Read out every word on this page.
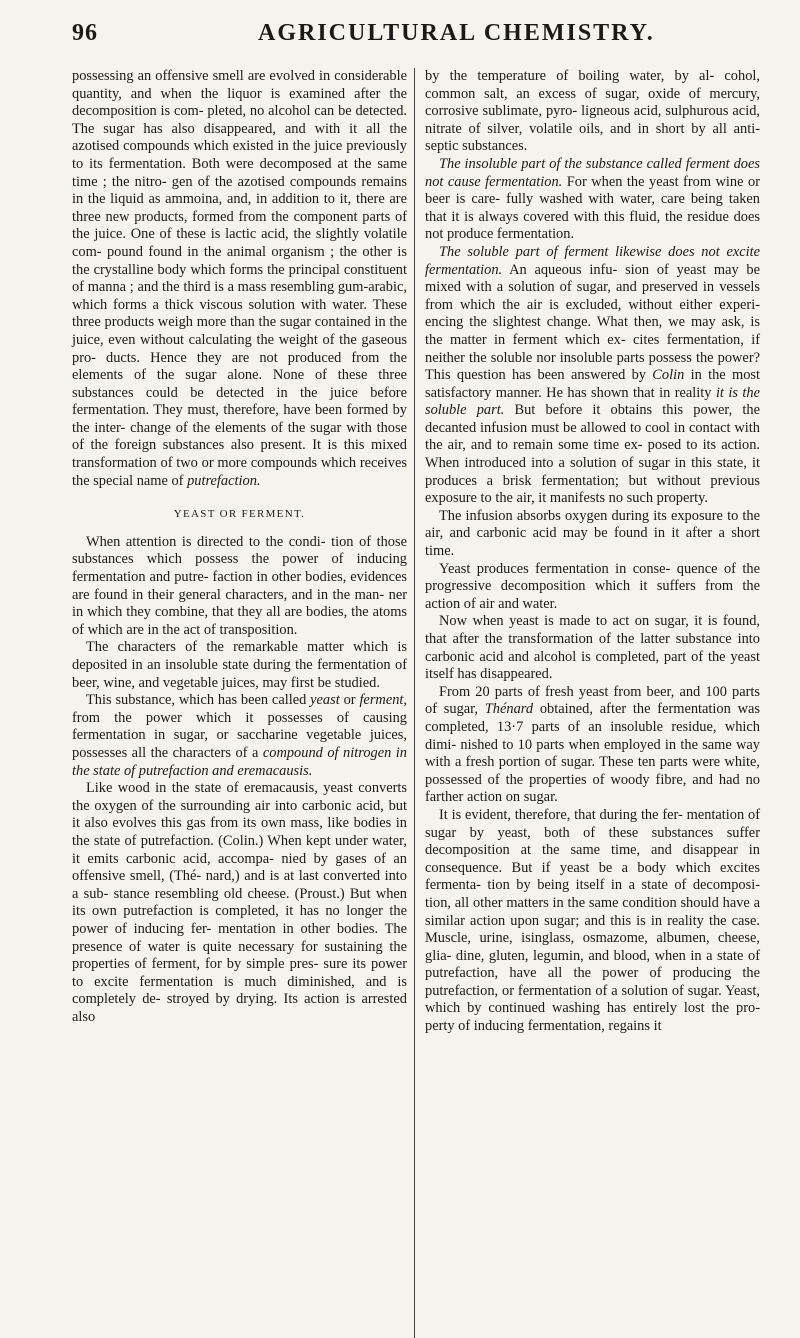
96	AGRICULTURAL CHEMISTRY.

possessing an offensive smell are evolved in considerable quantity, and when the liquor is examined after the decomposition is com- pleted, no alcohol can be detected. The sugar has also disappeared, and with it all the azotised compounds which existed in the juice previously to its fermentation. Both were decomposed at the same time ; the nitro- gen of the azotised compounds remains in the liquid as ammoina, and, in addition to it, there are three new products, formed from the component parts of the juice. One of these is lactic acid, the slightly volatile com- pound found in the animal organism ; the other is the crystalline body which forms the principal constituent of manna ; and the third is a mass resembling gum-arabic, which forms a thick viscous solution with water. These three products weigh more than the sugar contained in the juice, even without calculating the weight of the gaseous pro- ducts. Hence they are not produced from the elements of the sugar alone. None of these three substances could be detected in the juice before fermentation. They must, therefore, have been formed by the inter- change of the elements of the sugar with those of the foreign substances also present. It is this mixed transformation of two or more compounds which receives the special name of putrefaction.

YEAST OR FERMENT.

When attention is directed to the condi- tion of those substances which possess the power of inducing fermentation and putre- faction in other bodies, evidences are found in their general characters, and in the man- ner in which they combine, that they all are bodies, the atoms of which are in the act of transposition.

The characters of the remarkable matter which is deposited in an insoluble state during the fermentation of beer, wine, and vegetable juices, may first be studied.

This substance, which has been called yeast or ferment, from the power which it possesses of causing fermentation in sugar, or saccharine vegetable juices, possesses all the characters of a compound of nitrogen in the state of putrefaction and eremacausis.

Like wood in the state of eremacausis, yeast converts the oxygen of the surrounding air into carbonic acid, but it also evolves this gas from its own mass, like bodies in the state of putrefaction. (Colin.) When kept under water, it emits carbonic acid, accompa- nied by gases of an offensive smell, (Thé- nard,) and is at last converted into a sub- stance resembling old cheese. (Proust.) But when its own putrefaction is completed, it has no longer the power of inducing fer- mentation in other bodies. The presence of water is quite necessary for sustaining the properties of ferment, for by simple pres- sure its power to excite fermentation is much diminished, and is completely de- stroyed by drying. Its action is arrested also

by the temperature of boiling water, by al- cohol, common salt, an excess of sugar, oxide of mercury, corrosive sublimate, pyro- ligneous acid, sulphurous acid, nitrate of silver, volatile oils, and in short by all anti- septic substances.

The insoluble part of the substance called ferment does not cause fermentation. For when the yeast from wine or beer is care- fully washed with water, care being taken that it is always covered with this fluid, the residue does not produce fermentation.

The soluble part of ferment likewise does not excite fermentation. An aqueous infu- sion of yeast may be mixed with a solution of sugar, and preserved in vessels from which the air is excluded, without either experi- encing the slightest change. What then, we may ask, is the matter in ferment which ex- cites fermentation, if neither the soluble nor insoluble parts possess the power? This question has been answered by Colin in the most satisfactory manner. He has shown that in reality it is the soluble part. But before it obtains this power, the decanted infusion must be allowed to cool in contact with the air, and to remain some time ex- posed to its action. When introduced into a solution of sugar in this state, it produces a brisk fermentation; but without previous exposure to the air, it manifests no such property.

The infusion absorbs oxygen during its exposure to the air, and carbonic acid may be found in it after a short time.

Yeast produces fermentation in conse- quence of the progressive decomposition which it suffers from the action of air and water.

Now when yeast is made to act on sugar, it is found, that after the transformation of the latter substance into carbonic acid and alcohol is completed, part of the yeast itself has disappeared.

From 20 parts of fresh yeast from beer, and 100 parts of sugar, Thénard obtained, after the fermentation was completed, 13·7 parts of an insoluble residue, which dimi- nished to 10 parts when employed in the same way with a fresh portion of sugar. These ten parts were white, possessed of the properties of woody fibre, and had no farther action on sugar.

It is evident, therefore, that during the fer- mentation of sugar by yeast, both of these substances suffer decomposition at the same time, and disappear in consequence. But if yeast be a body which excites fermenta- tion by being itself in a state of decomposi- tion, all other matters in the same condition should have a similar action upon sugar; and this is in reality the case. Muscle, urine, isinglass, osmazome, albumen, cheese, glia- dine, gluten, legumin, and blood, when in a state of putrefaction, have all the power of producing the putrefaction, or fermentation of a solution of sugar. Yeast, which by continued washing has entirely lost the pro- perty of inducing fermentation, regains it
